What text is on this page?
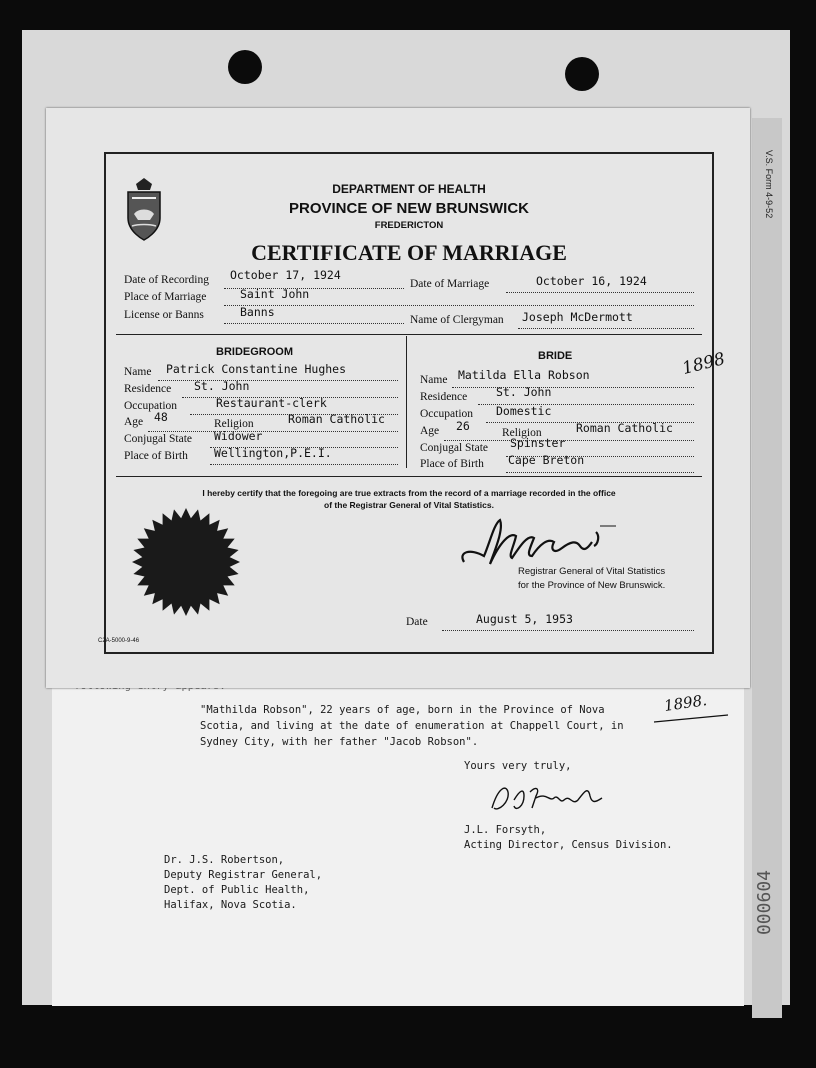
V.S. Form 4-9-52
000604
"Mathilda Robson", 22 years of age, born in the Province of Nova
Scotia, and living at the date of enumeration at Chappell Court, in
Sydney City, with her father "Jacob Robson".
1898.
Yours very truly,
J.L. Forsyth,
Acting Director, Census Division.
Dr. J.S. Robertson,
Deputy Registrar General,
Dept. of Public Health,
Halifax, Nova Scotia.
DEPARTMENT OF HEALTH
PROVINCE OF NEW BRUNSWICK
FREDERICTON
CERTIFICATE OF MARRIAGE
Date of Recording October 17, 1924
Date of Marriage	October 16, 1924
Place of Marriage	Saint John
License or Banns	Banns
Name of Clergyman Joseph McDermott
BRIDEGROOM
Name Patrick Constantine Hughes
Residence St. John
Occupation	Restaurant-clerk
Age 48	Religion	Roman Catholic
Conjugal State Widower
Place of Birth Wellington,P.E.I.
BRIDE
Name Matilda Ella Robson
Residence St. John
Occupation Domestic
Age 26	Religion	Roman Catholic
Conjugal State Spinster
Place of Birth Cape Breton
I hereby certify that the foregoing are true extracts from the record of a marriage recorded in the office
of the Registrar General of Vital Statistics.
Registrar General of Vital Statistics
for the Province of New Brunswick.
Date	August 5, 1953
C2A-5000-9-46
1898
